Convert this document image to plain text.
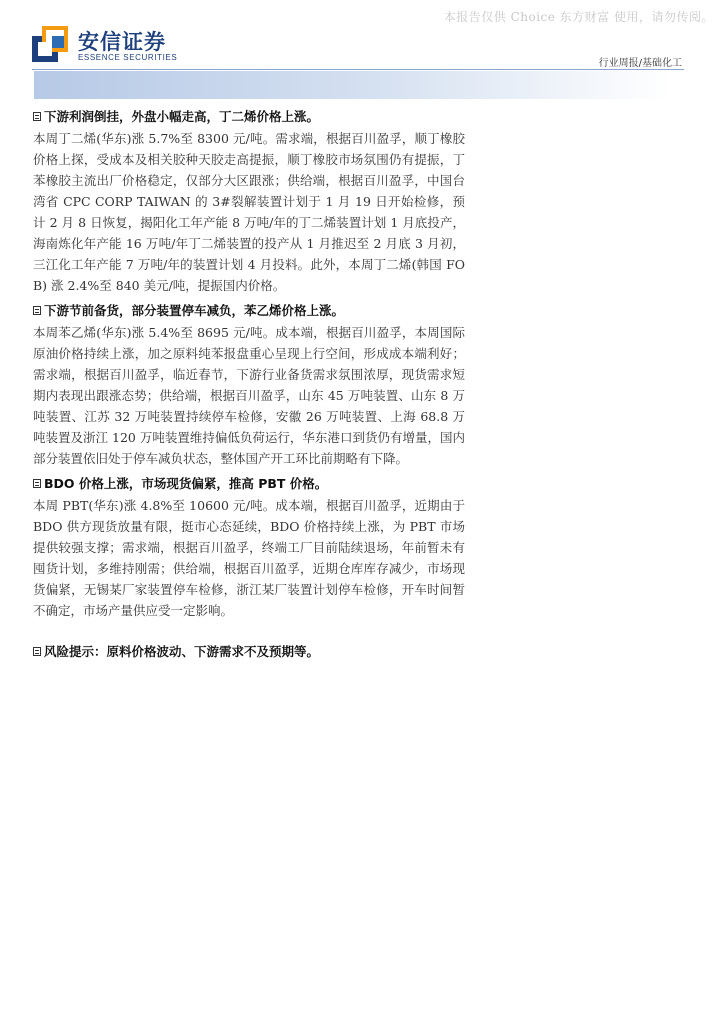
本报告仅供 Choice 东方财富 使用，请勿传阅。
安信证券
ESSENCE SECURITIES
行业周报/基础化工
下游利润倒挂，外盘小幅走高，丁二烯价格上涨。

本周丁二烯(华东)涨 5.7%至 8300 元/吨。需求端，根据百川盈孚，顺丁橡胶价格上探，受成本及相关胶种天胶走高提振，顺丁橡胶市场氛围仍有提振，丁苯橡胶主流出厂价格稳定，仅部分大区跟涨；供给端，根据百川盈孚，中国台湾省 CPC CORP TAIWAN 的 3#裂解装置计划于 1 月 19 日开始检修，预计 2 月 8 日恢复，揭阳化工年产能 8 万吨/年的丁二烯装置计划 1 月底投产，海南炼化年产能 16 万吨/年丁二烯装置的投产从 1 月推迟至 2 月底 3 月初，三江化工年产能 7 万吨/年的装置计划 4 月投料。此外，本周丁二烯(韩国 FOB) 涨 2.4%至 840 美元/吨，提振国内价格。

下游节前备货，部分装置停车减负，苯乙烯价格上涨。

本周苯乙烯(华东)涨 5.4%至 8695 元/吨。成本端，根据百川盈孚，本周国际原油价格持续上涨，加之原料纯苯报盘重心呈现上行空间，形成成本端利好；需求端，根据百川盈孚，临近春节，下游行业备货需求氛围浓厚，现货需求短期内表现出跟涨态势；供给端，根据百川盈孚，山东 45 万吨装置、山东 8 万吨装置、江苏 32 万吨装置持续停车检修，安徽 26 万吨装置、上海 68.8 万吨装置及浙江 120 万吨装置维持偏低负荷运行，华东港口到货仍有增量，国内部分装置依旧处于停车减负状态，整体国产开工环比前期略有下降。

BDO 价格上涨，市场现货偏紧，推高 PBT 价格。

本周 PBT(华东)涨 4.8%至 10600 元/吨。成本端，根据百川盈孚，近期由于 BDO 供方现货放量有限，挺市心态延续，BDO 价格持续上涨，为 PBT 市场提供较强支撑；需求端，根据百川盈孚，终端工厂目前陆续退场，年前暂未有囤货计划，多维持刚需；供给端，根据百川盈孚，近期仓库库存减少，市场现货偏紧，无锡某厂家装置停车检修，浙江某厂装置计划停车检修，开车时间暂不确定，市场产量供应受一定影响。

风险提示：原料价格波动、下游需求不及预期等。
